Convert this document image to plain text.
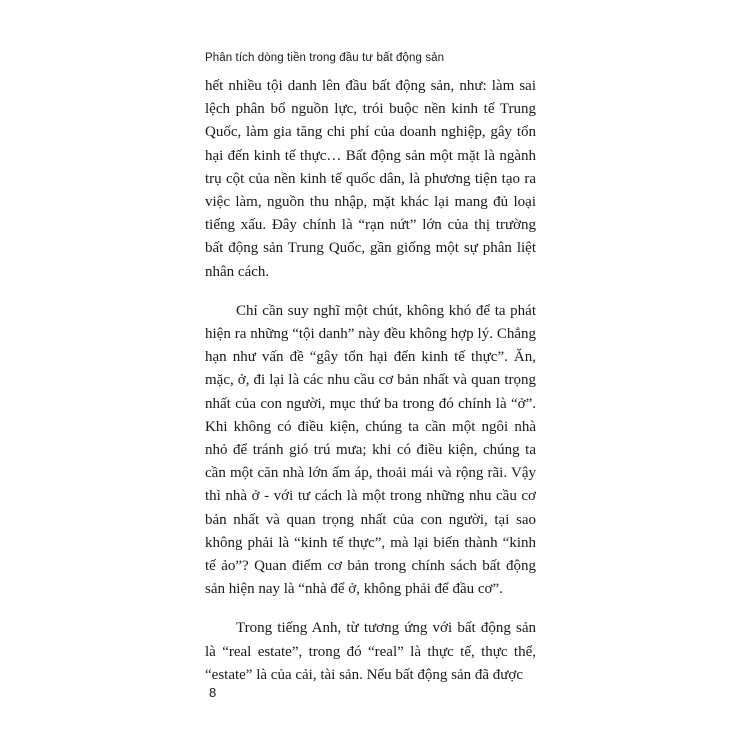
Phân tích dòng tiền trong đầu tư bất động sản

hết nhiều tội danh lên đầu bất động sản, như: làm sai lệch phân bổ nguồn lực, trói buộc nền kinh tế Trung Quốc, làm gia tăng chi phí của doanh nghiệp, gây tổn hại đến kinh tế thực… Bất động sản một mặt là ngành trụ cột của nền kinh tế quốc dân, là phương tiện tạo ra việc làm, nguồn thu nhập, mặt khác lại mang đủ loại tiếng xấu. Đây chính là “rạn nứt” lớn của thị trường bất động sản Trung Quốc, gần giống một sự phân liệt nhân cách.

Chỉ cần suy nghĩ một chút, không khó để ta phát hiện ra những “tội danh” này đều không hợp lý. Chẳng hạn như vấn đề “gây tổn hại đến kinh tế thực”. Ăn, mặc, ở, đi lại là các nhu cầu cơ bản nhất và quan trọng nhất của con người, mục thứ ba trong đó chính là “ở”. Khi không có điều kiện, chúng ta cần một ngôi nhà nhỏ để tránh gió trú mưa; khi có điều kiện, chúng ta cần một căn nhà lớn ấm áp, thoải mái và rộng rãi. Vậy thì nhà ở - với tư cách là một trong những nhu cầu cơ bản nhất và quan trọng nhất của con người, tại sao không phải là “kinh tế thực”, mà lại biến thành “kinh tế ảo”? Quan điểm cơ bản trong chính sách bất động sản hiện nay là “nhà để ở, không phải để đầu cơ”.

Trong tiếng Anh, từ tương ứng với bất động sản là “real estate”, trong đó “real” là thực tế, thực thể, “estate” là của cải, tài sản. Nếu bất động sản đã được

8
